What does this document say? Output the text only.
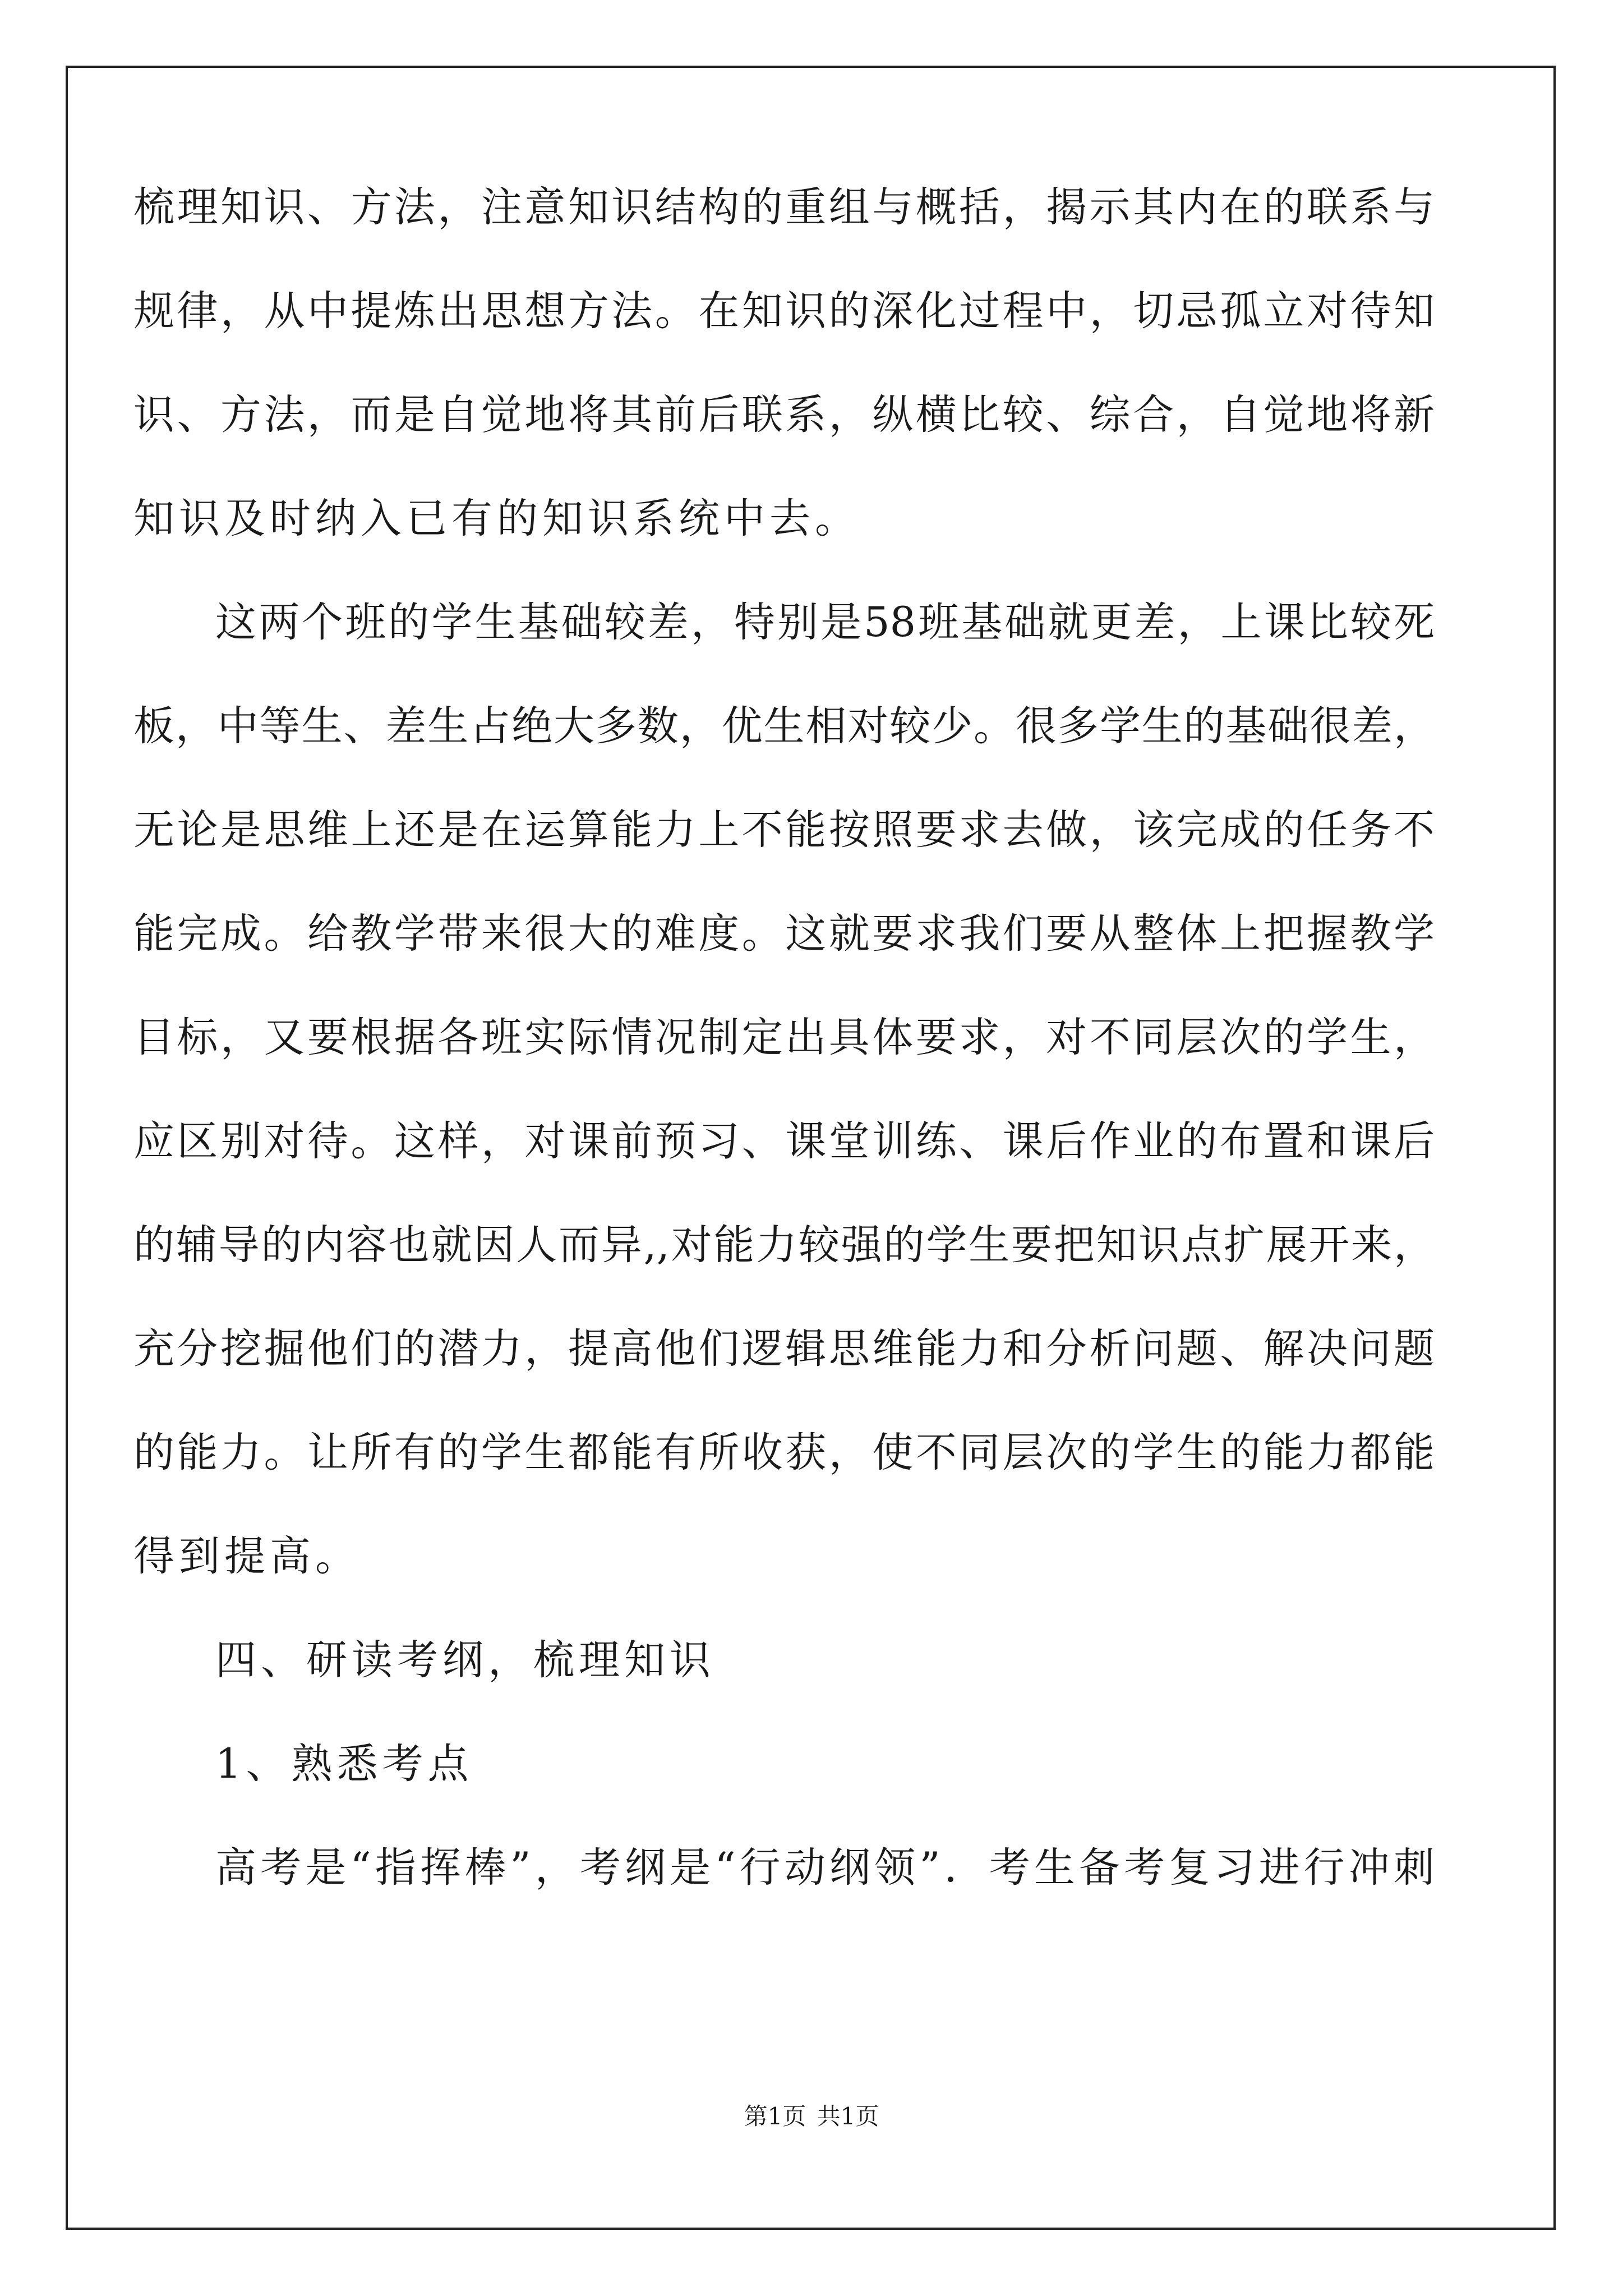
梳理知识、方法，注意知识结构的重组与概括，揭示其内在的联系与
规律，从中提炼出思想方法。在知识的深化过程中，切忌孤立对待知
识、方法，而是自觉地将其前后联系，纵横比较、综合，自觉地将新
知识及时纳入已有的知识系统中去。
这两个班的学生基础较差，特别是58班基础就更差，上课比较死
板，中等生、差生占绝大多数，优生相对较少。很多学生的基础很差，
无论是思维上还是在运算能力上不能按照要求去做，该完成的任务不
能完成。给教学带来很大的难度。这就要求我们要从整体上把握教学
目标，又要根据各班实际情况制定出具体要求，对不同层次的学生，
应区别对待。这样，对课前预习、课堂训练、课后作业的布置和课后
的辅导的内容也就因人而异,,对能力较强的学生要把知识点扩展开来，
充分挖掘他们的潜力，提高他们逻辑思维能力和分析问题、解决问题
的能力。让所有的学生都能有所收获，使不同层次的学生的能力都能
得到提高。
四、研读考纲，梳理知识
1、熟悉考点
高考是“指挥棒”，考纲是“行动纲领”．考生备考复习进行冲刺
第1页 共1页
